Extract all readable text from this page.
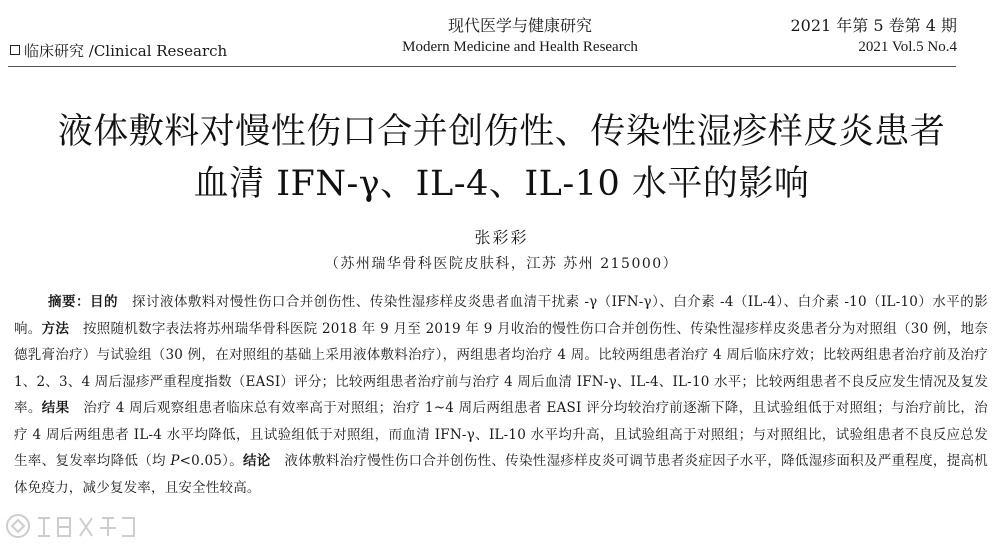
临床研究 /Clinical Research
现代医学与健康研究
Modern Medicine and Health Research
2021 年第 5 卷第 4 期
2021 Vol.5 No.4
液体敷料对慢性伤口合并创伤性、传染性湿疹样皮炎患者
血清 IFN-γ、IL-4、IL-10 水平的影响
张彩彩
（苏州瑞华骨科医院皮肤科，江苏 苏州 215000）
摘要：目的　探讨液体敷料对慢性伤口合并创伤性、传染性湿疹样皮炎患者血清干扰素 -γ（IFN-γ）、白介素 -4（IL-4）、白介素 -10（IL-10）水平的影响。方法　按照随机数字表法将苏州瑞华骨科医院 2018 年 9 月至 2019 年 9 月收治的慢性伤口合并创伤性、传染性湿疹样皮炎患者分为对照组（30 例，地奈德乳膏治疗）与试验组（30 例，在对照组的基础上采用液体敷料治疗），两组患者均治疗 4 周。比较两组患者治疗 4 周后临床疗效；比较两组患者治疗前及治疗 1、2、3、4 周后湿疹严重程度指数（EASI）评分；比较两组患者治疗前与治疗 4 周后血清 IFN-γ、IL-4、IL-10 水平；比较两组患者不良反应发生情况及复发率。结果　治疗 4 周后观察组患者临床总有效率高于对照组；治疗 1~4 周后两组患者 EASI 评分均较治疗前逐渐下降，且试验组低于对照组；与治疗前比，治疗 4 周后两组患者 IL-4 水平均降低，且试验组低于对照组，而血清 IFN-γ、IL-10 水平均升高，且试验组高于对照组；与对照组比，试验组患者不良反应总发生率、复发率均降低（均 P<0.05）。结论　液体敷料治疗慢性伤口合并创伤性、传染性湿疹样皮炎可调节患者炎症因子水平，降低湿疹面积及严重程度，提高机体免疫力，减少复发率，且安全性较高。
